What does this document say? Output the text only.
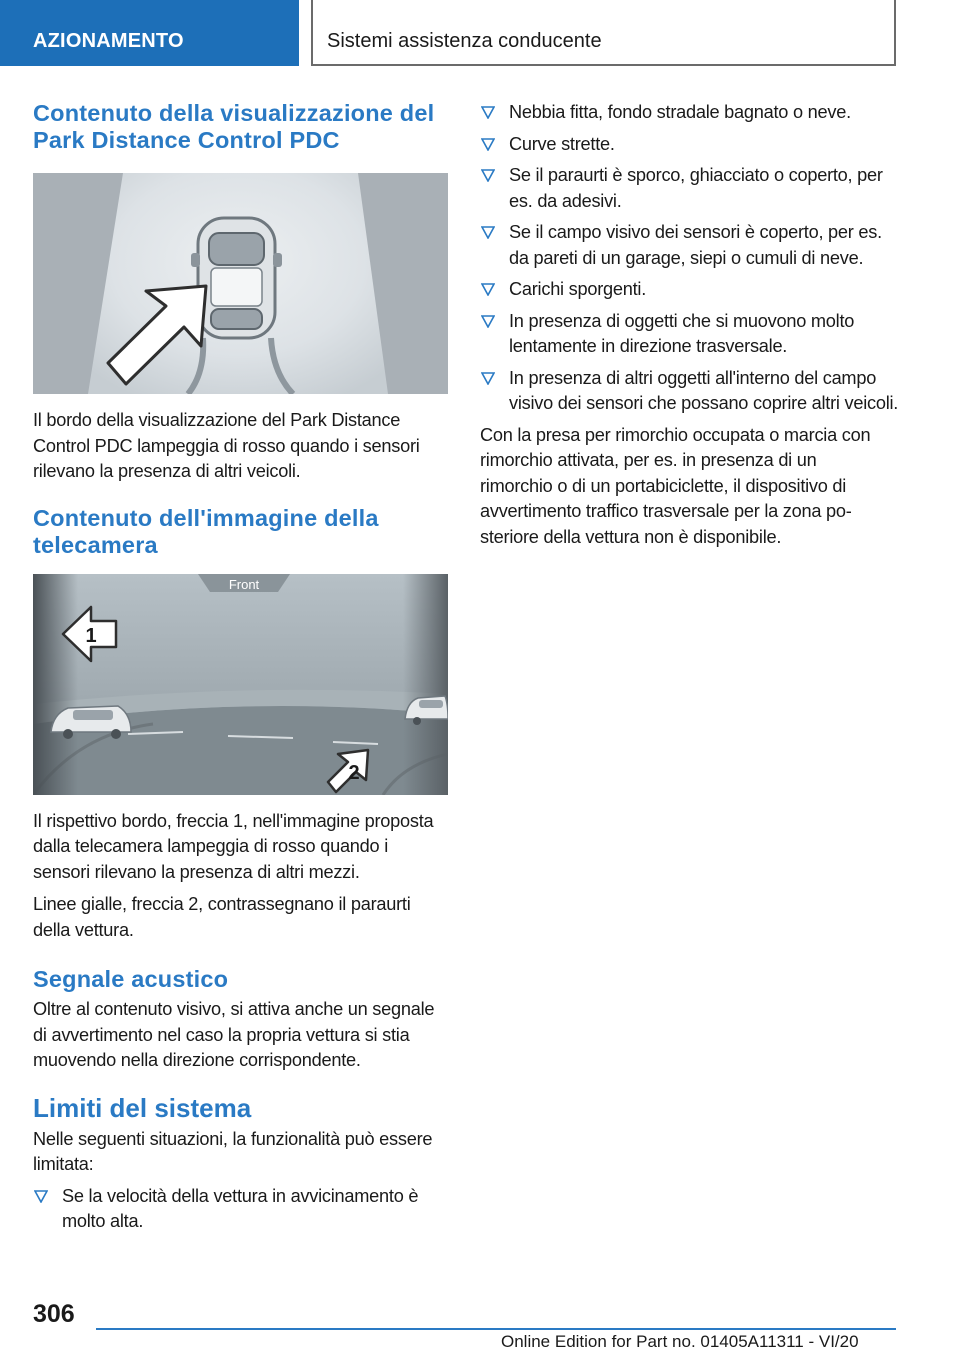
AZIONAMENTO	Sistemi assistenza conducente
Contenuto della visualizzazione del Park Distance Control PDC

Il bordo della visualizzazione del Park Distance Control PDC lampeggia di rosso quando i sensori rilevano la presenza di altri veicoli.

Contenuto dell'immagine della telecamera
Front
1
2

Il rispettivo bordo, freccia 1, nell'immagine proposta dalla telecamera lampeggia di rosso quando i sensori rilevano la presenza di altri mezzi.

Linee gialle, freccia 2, contrassegnano il paraurti della vettura.

Segnale acustico

Oltre al contenuto visivo, si attiva anche un segnale di avvertimento nel caso la propria vettura si stia muovendo nella direzione corrispondente.

Limiti del sistema

Nelle seguenti situazioni, la funzionalità può essere limitata:

Se la velocità della vettura in avvicinamento è molto alta.
Nebbia fitta, fondo stradale bagnato o neve.
Curve strette.
Se il paraurti è sporco, ghiacciato o coperto, per es. da adesivi.
Se il campo visivo dei sensori è coperto, per es. da pareti di un garage, siepi o cumuli di neve.
Carichi sporgenti.
In presenza di oggetti che si muovono molto lentamente in direzione trasversale.
In presenza di altri oggetti all'interno del campo visivo dei sensori che possano coprire altri veicoli.

Con la presa per rimorchio occupata o marcia con rimorchio attivata, per es. in presenza di un rimorchio o di un portabiciclette, il dispositivo di avvertimento traffico trasversale per la zona posteriore della vettura non è disponibile.

306
Online Edition for Part no. 01405A11311 - VI/20
